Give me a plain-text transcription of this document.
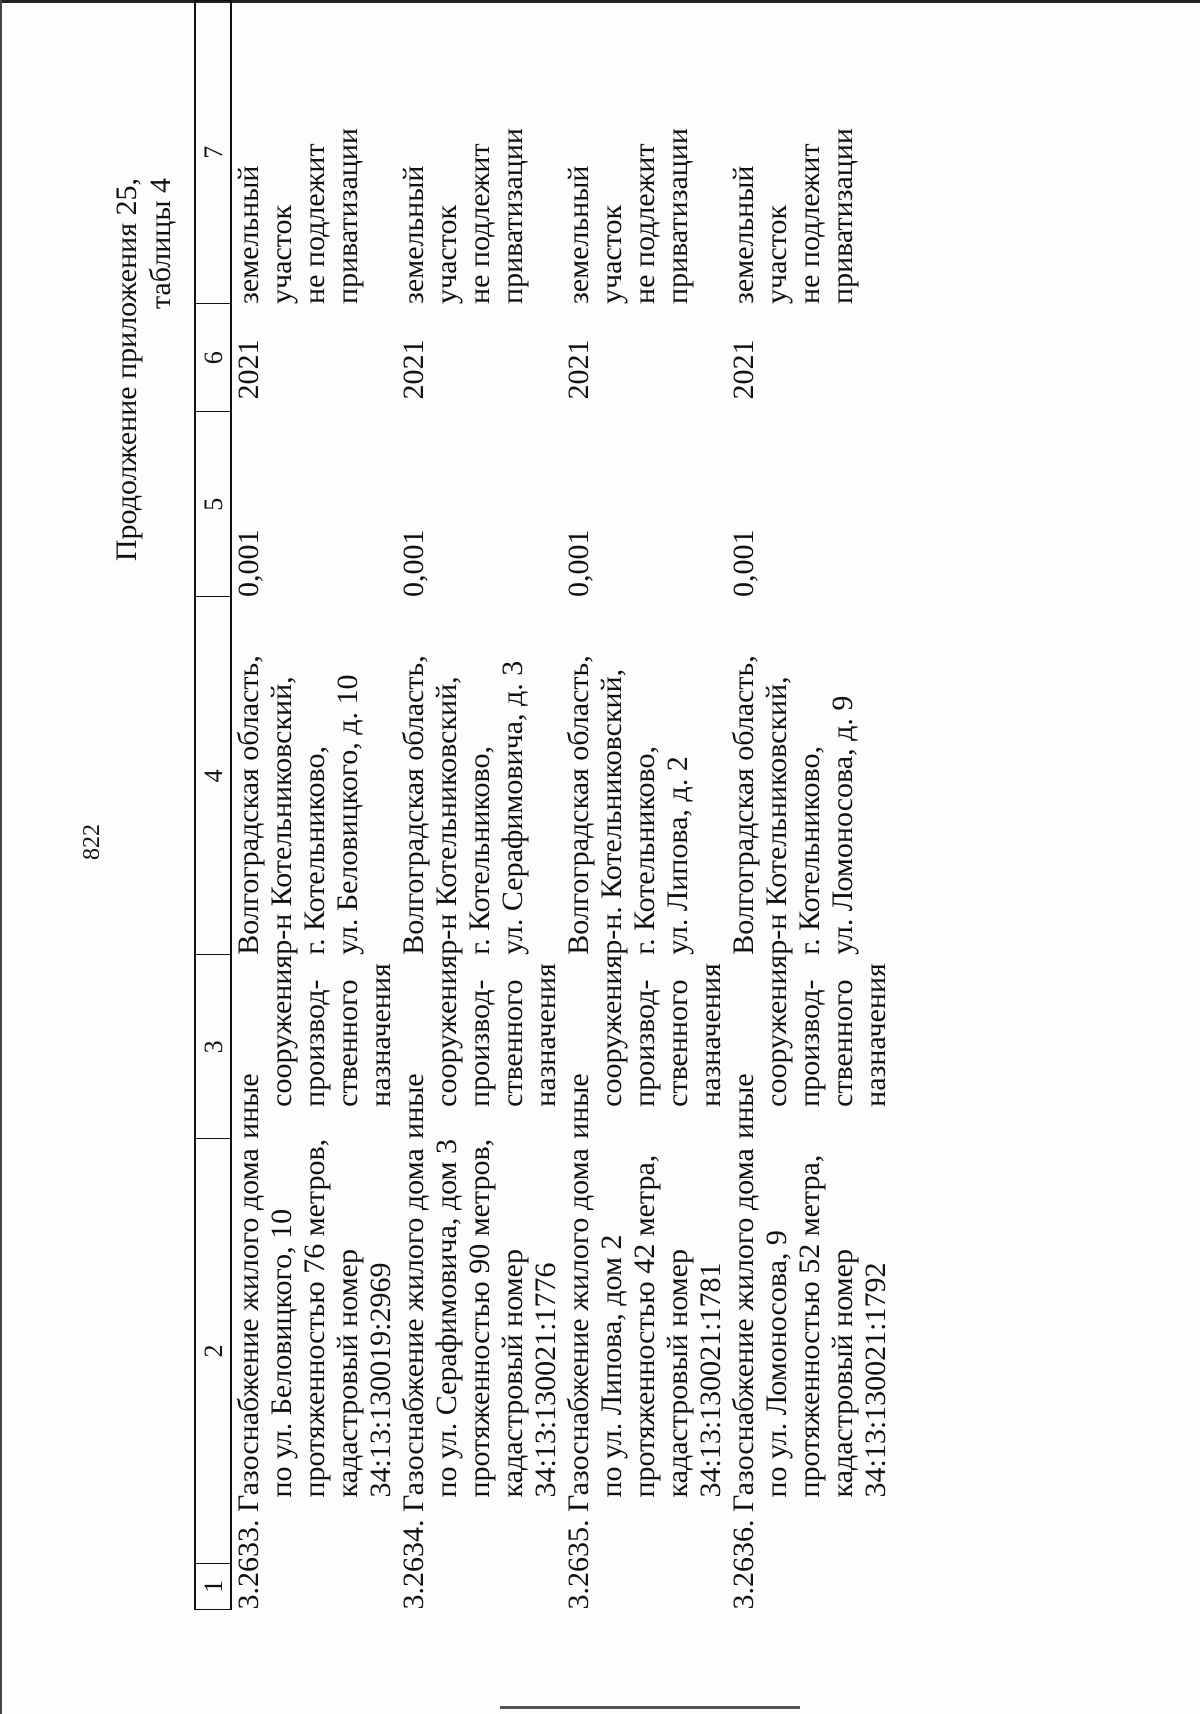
822
Продолжение приложения 25, таблицы 4
1	2	3	4	5	6	7

3.2633. Газоснабжение жилого дома по ул. Беловицкого, 10 протяженностью 76 метров, кадастровый номер 34:13:130019:2969		иные сооружения производ- ственного назначения	Волгоградская область, р-н Котельниковский, г. Котельниково, ул. Беловицкого, д. 10	0,001	2021	земельный участок не подлежит приватизации

3.2634. Газоснабжение жилого дома по ул. Серафимовича, дом 3 протяженностью 90 метров, кадастровый номер 34:13:130021:1776		иные сооружения производ- ственного назначения	Волгоградская область, р-н Котельниковский, г. Котельниково, ул. Серафимовича, д. 3	0,001	2021	земельный участок не подлежит приватизации

3.2635. Газоснабжение жилого дома по ул. Липова, дом 2 протяженностью 42 метра, кадастровый номер 34:13:130021:1781		иные сооружения производ- ственного назначения	Волгоградская область, р-н. Котельниковский, г. Котельниково, ул. Липова, д. 2	0,001	2021	земельный участок не подлежит приватизации

3.2636. Газоснабжение жилого дома по ул. Ломоносова, 9 протяженностью 52 метра, кадастровый номер 34:13:130021:1792		иные сооружения производ- ственного назначения	Волгоградская область, р-н Котельниковский, г. Котельниково, ул. Ломоносова, д. 9	0,001	2021	земельный участок не подлежит приватизации
